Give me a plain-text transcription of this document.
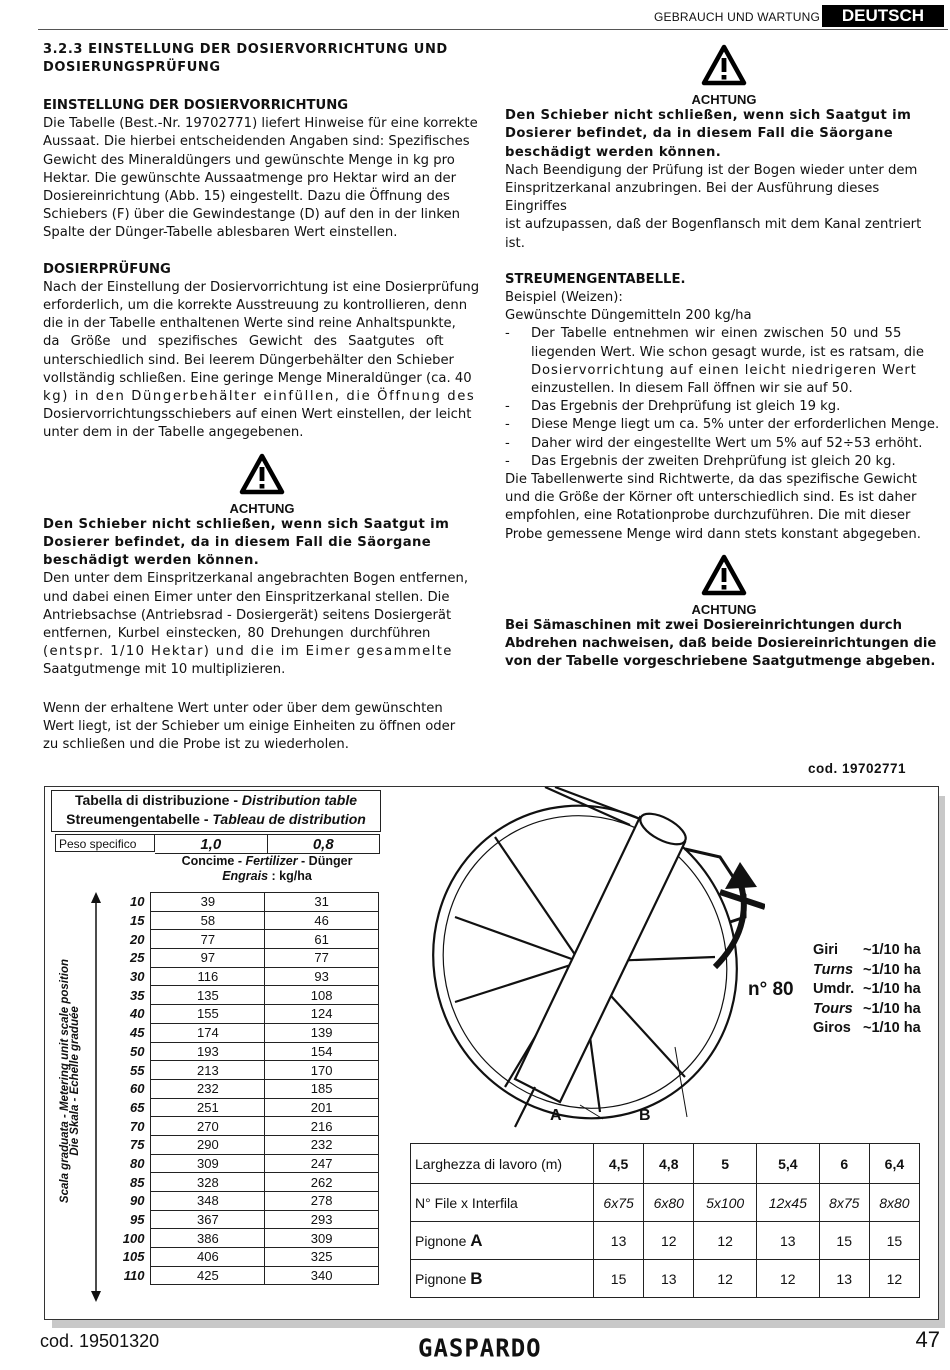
GEBRAUCH UND WARTUNG	DEUTSCH

3.2.3 EINSTELLUNG DER DOSIERVORRICHTUNG UND

DOSIERUNGSPRÜFUNG

EINSTELLUNG DER DOSIERVORRICHTUNG

Die Tabelle (Best.-Nr. 19702771) liefert Hinweise für eine korrekte

Aussaat. Die hierbei entscheidenden Angaben sind: Spezifisches

Gewicht des Mineraldüngers und gewünschte Menge in kg pro

Hektar. Die gewünschte Aussaatmenge pro Hektar wird an der

Dosiereinrichtung (Abb. 15) eingestellt. Dazu die Öffnung des

Schiebers (F) über die Gewindestange (D) auf den in der linken

Spalte der Dünger-Tabelle ablesbaren Wert einstellen.

DOSIERPRÜFUNG

Nach der Einstellung der Dosiervorrichtung ist eine Dosierprüfung

erforderlich, um die korrekte Ausstreuung zu kontrollieren, denn

die in der Tabelle enthaltenen Werte sind reine Anhaltspunkte,

da Größe und spezifisches Gewicht des Saatgutes oft

unterschiedlich sind. Bei leerem Düngerbehälter den Schieber

vollständig schließen. Eine geringe Menge Mineraldünger (ca. 40

kg) in den Düngerbehälter einfüllen, die Öffnung des

Dosiervorrichtungsschiebers auf einen Wert einstellen, der leicht

unter dem in der Tabelle angegebenen.

ACHTUNG

Den Schieber nicht schließen, wenn sich Saatgut im

Dosierer befindet, da in diesem Fall die Säorgane

beschädigt werden können.

Den unter dem Einspritzerkanal angebrachten Bogen entfernen,

und dabei einen Eimer unter den Einspritzerkanal stellen. Die

Antriebsachse (Antriebsrad - Dosiergerät) seitens Dosiergerät

entfernen, Kurbel einstecken, 80 Drehungen durchführen

(entspr. 1/10 Hektar) und die im Eimer gesammelte

Saatgutmenge mit 10 multiplizieren.

Wenn der erhaltene Wert unter oder über dem gewünschten

Wert liegt, ist der Schieber um einige Einheiten zu öffnen oder

zu schließen und die Probe ist zu wiederholen.

ACHTUNG

Den Schieber nicht schließen, wenn sich Saatgut im

Dosierer befindet, da in diesem Fall die Säorgane

beschädigt werden können.

Nach Beendigung der Prüfung ist der Bogen wieder unter dem

Einspritzerkanal anzubringen. Bei der Ausführung dieses Eingriffes

ist aufzupassen, daß der Bogenflansch mit dem Kanal zentriert

ist.

STREUMENGENTABELLE.

Beispiel (Weizen):

Gewünschte Düngemitteln 200 kg/ha

-	Der Tabelle entnehmen wir einen zwischen 50 und 55
liegenden Wert. Wie schon gesagt wurde, ist es ratsam, die
Dosiervorrichtung auf einen leicht niedrigeren Wert
einzustellen. In diesem Fall öffnen wir sie auf 50.
-	Das Ergebnis der Drehprüfung ist gleich 19 kg.
-	Diese Menge liegt um ca. 5% unter der erforderlichen Menge.
-	Daher wird der eingestellte Wert um 5% auf 52÷53 erhöht.
-	Das Ergebnis der zweiten Drehprüfung ist gleich 20 kg.

Die Tabellenwerte sind Richtwerte, da das spezifische Gewicht

und die Größe der Körner oft unterschiedlich sind. Es ist daher

empfohlen, eine Rotationprobe durchzuführen. Die mit dieser

Probe gemessene Menge wird dann stets konstant abgegeben.

ACHTUNG

Bei Sämaschinen mit zwei Dosiereinrichtungen durch

Abdrehen nachweisen, daß beide Dosiereinrichtungen die

von der Tabelle vorgeschriebene Saatgutmenge abgeben.

cod. 19702771
Tabella di distribuzione - Distribution table
Streumengentabelle - Tableau de distribution
Peso specifico	1,0	0,8
Concime - Fertilizer - Dünger
Engrais : kg/ha
Scala graduata - Metering unit scale position
Die Skala - Echelle graduée
10	39	31
15	58	46
20	77	61
25	97	77
30	116	93
35	135	108
40	155	124
45	174	139
50	193	154
55	213	170
60	232	185
65	251	201
70	270	216
75	290	232
80	309	247
85	328	262
90	348	278
95	367	293
100	386	309
105	406	325
110	425	340
A	B
n° 80
Giri ~1/10 ha
Turns ~1/10 ha
Umdr. ~1/10 ha
Tours ~1/10 ha
Giros ~1/10 ha
Larghezza di lavoro (m)	4,5	4,8	5	5,4	6	6,4
N° File x Interfila	6x75	6x80	5x100	12x45	8x75	8x80
Pignone A	13	12	12	13	15	15
Pignone B	15	13	12	12	13	12
cod. 19501320	GASPARDO	47
